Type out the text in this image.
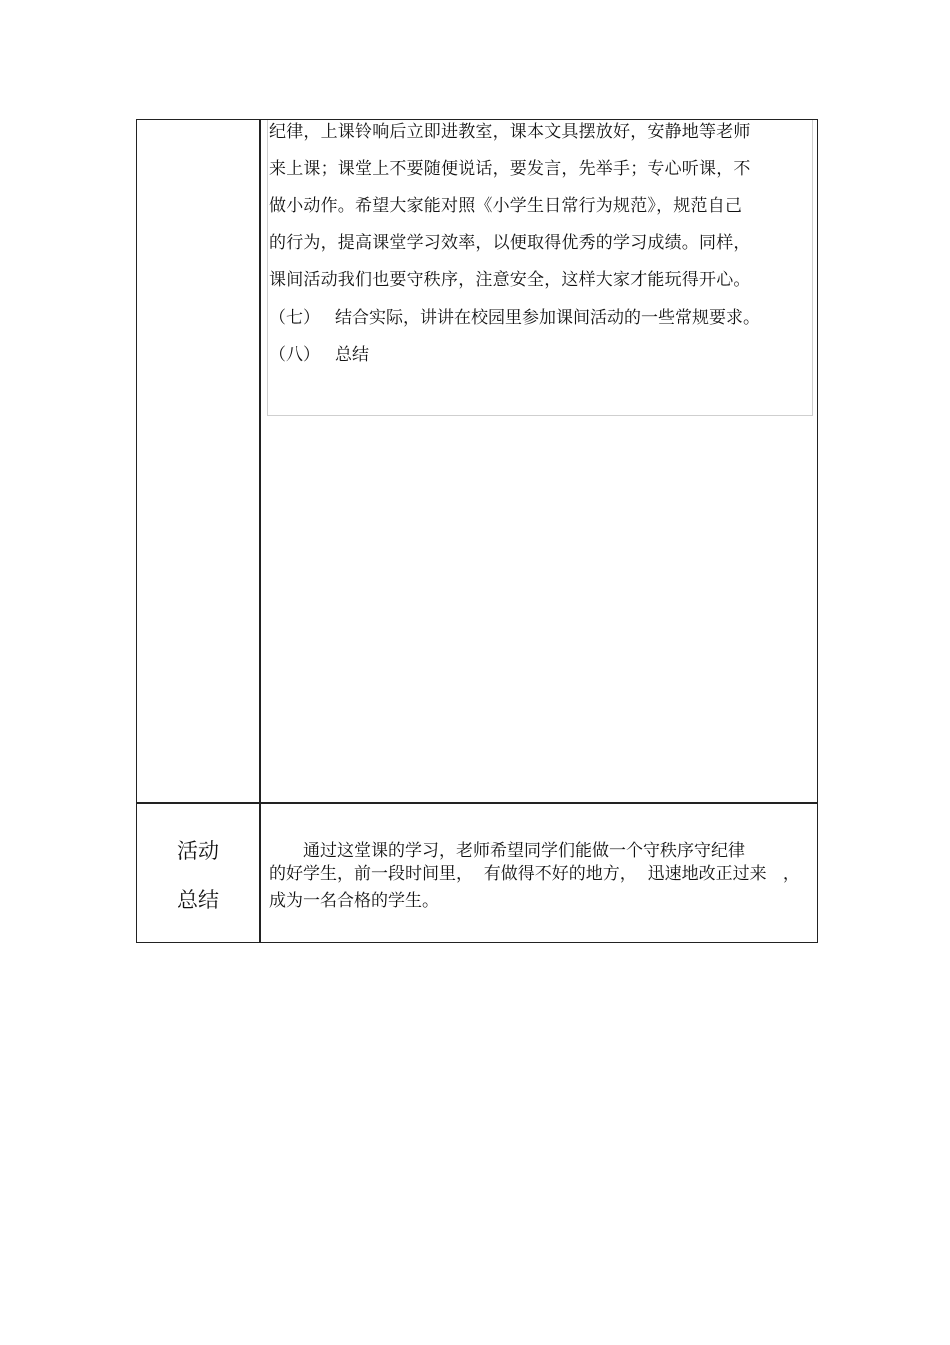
纪律，上课铃响后立即进教室，课本文具摆放好，安静地等老师
来上课；课堂上不要随便说话，要发言，先举手；专心听课，不
做小动作。希望大家能对照《小学生日常行为规范》，规范自己
的行为，提高课堂学习效率，以便取得优秀的学习成绩。同样，
课间活动我们也要守秩序，注意安全，这样大家才能玩得开心。
（七） 结合实际，讲讲在校园里参加课间活动的一些常规要求。
（八） 总结
活动
总结
　　通过这堂课的学习，老师希望同学们能做一个守秩序守纪律
的好学生，前一段时间里，  有做得不好的地方，  迅速地改正过来   ，
成为一名合格的学生。
